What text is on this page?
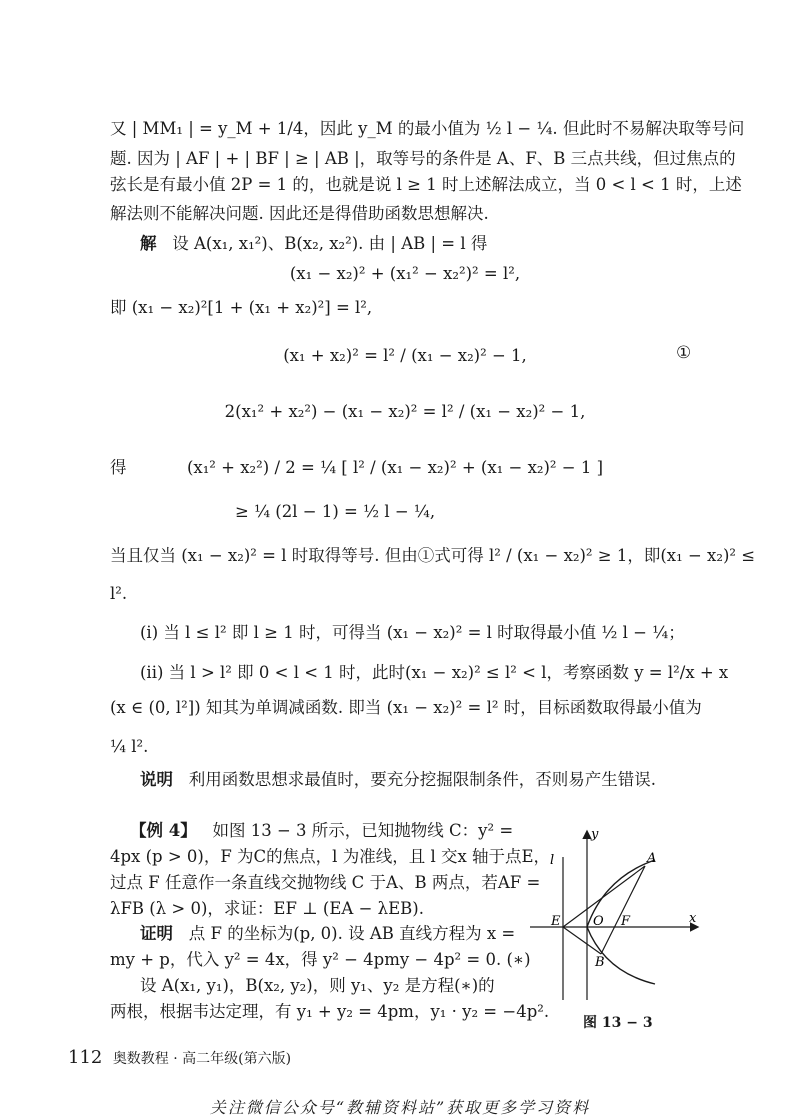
又 | MM₁ | = y_M + 1/4，因此 y_M 的最小值为 ½ l − ¼. 但此时不易解决取等号问
题. 因为 | AF | + | BF | ≥ | AB |，取等号的条件是 A、F、B 三点共线，但过焦点的
弦长是有最小值 2P = 1 的，也就是说 l ≥ 1 时上述解法成立，当 0 < l < 1 时，上述
解法则不能解决问题. 因此还是得借助函数思想解决.
解 设 A(x₁, x₁²)、B(x₂, x₂²). 由 | AB | = l 得
(x₁ − x₂)² + (x₁² − x₂²)² = l²,
即 (x₁ − x₂)²[1 + (x₁ + x₂)²] = l²,
(x₁ + x₂)² = l² / (x₁ − x₂)² − 1,	①
2(x₁² + x₂²) − (x₁ − x₂)² = l² / (x₁ − x₂)² − 1,
得	(x₁² + x₂²) / 2 = ¼ [ l² / (x₁ − x₂)² + (x₁ − x₂)² − 1 ]
≥ ¼ (2l − 1) = ½ l − ¼,
当且仅当 (x₁ − x₂)² = l 时取得等号. 但由①式可得 l² / (x₁ − x₂)² ≥ 1，即(x₁ − x₂)² ≤
l².
(i) 当 l ≤ l² 即 l ≥ 1 时，可得当 (x₁ − x₂)² = l 时取得最小值 ½ l − ¼；
(ii) 当 l > l² 即 0 < l < 1 时，此时(x₁ − x₂)² ≤ l² < l，考察函数 y = l²/x + x
(x ∈ (0, l²]) 知其为单调减函数. 即当 (x₁ − x₂)² = l² 时，目标函数取得最小值为
¼ l².
说明 利用函数思想求最值时，要充分挖掘限制条件，否则易产生错误.
【例 4】 如图 13 − 3 所示，已知抛物线 C：y² =
4px (p > 0)，F 为C的焦点，l 为准线，且 l 交x 轴于点E，
过点 F 任意作一条直线交抛物线 C 于A、B 两点，若AF =
λFB (λ > 0)，求证：EF ⊥ (EA − λEB).
证明 点 F 的坐标为(p, 0). 设 AB 直线方程为 x =
my + p，代入 y² = 4x，得 y² − 4pmy − 4p² = 0. (∗)
设 A(x₁, y₁)，B(x₂, y₂)，则 y₁、y₂ 是方程(∗)的
两根，根据韦达定理，有 y₁ + y₂ = 4pm，y₁ · y₂ = −4p².
y
l	A
E	O F
B
x
图 13 − 3
112 奥数教程 · 高二年级(第六版)
关注微信公众号“教辅资料站”获取更多学习资料
